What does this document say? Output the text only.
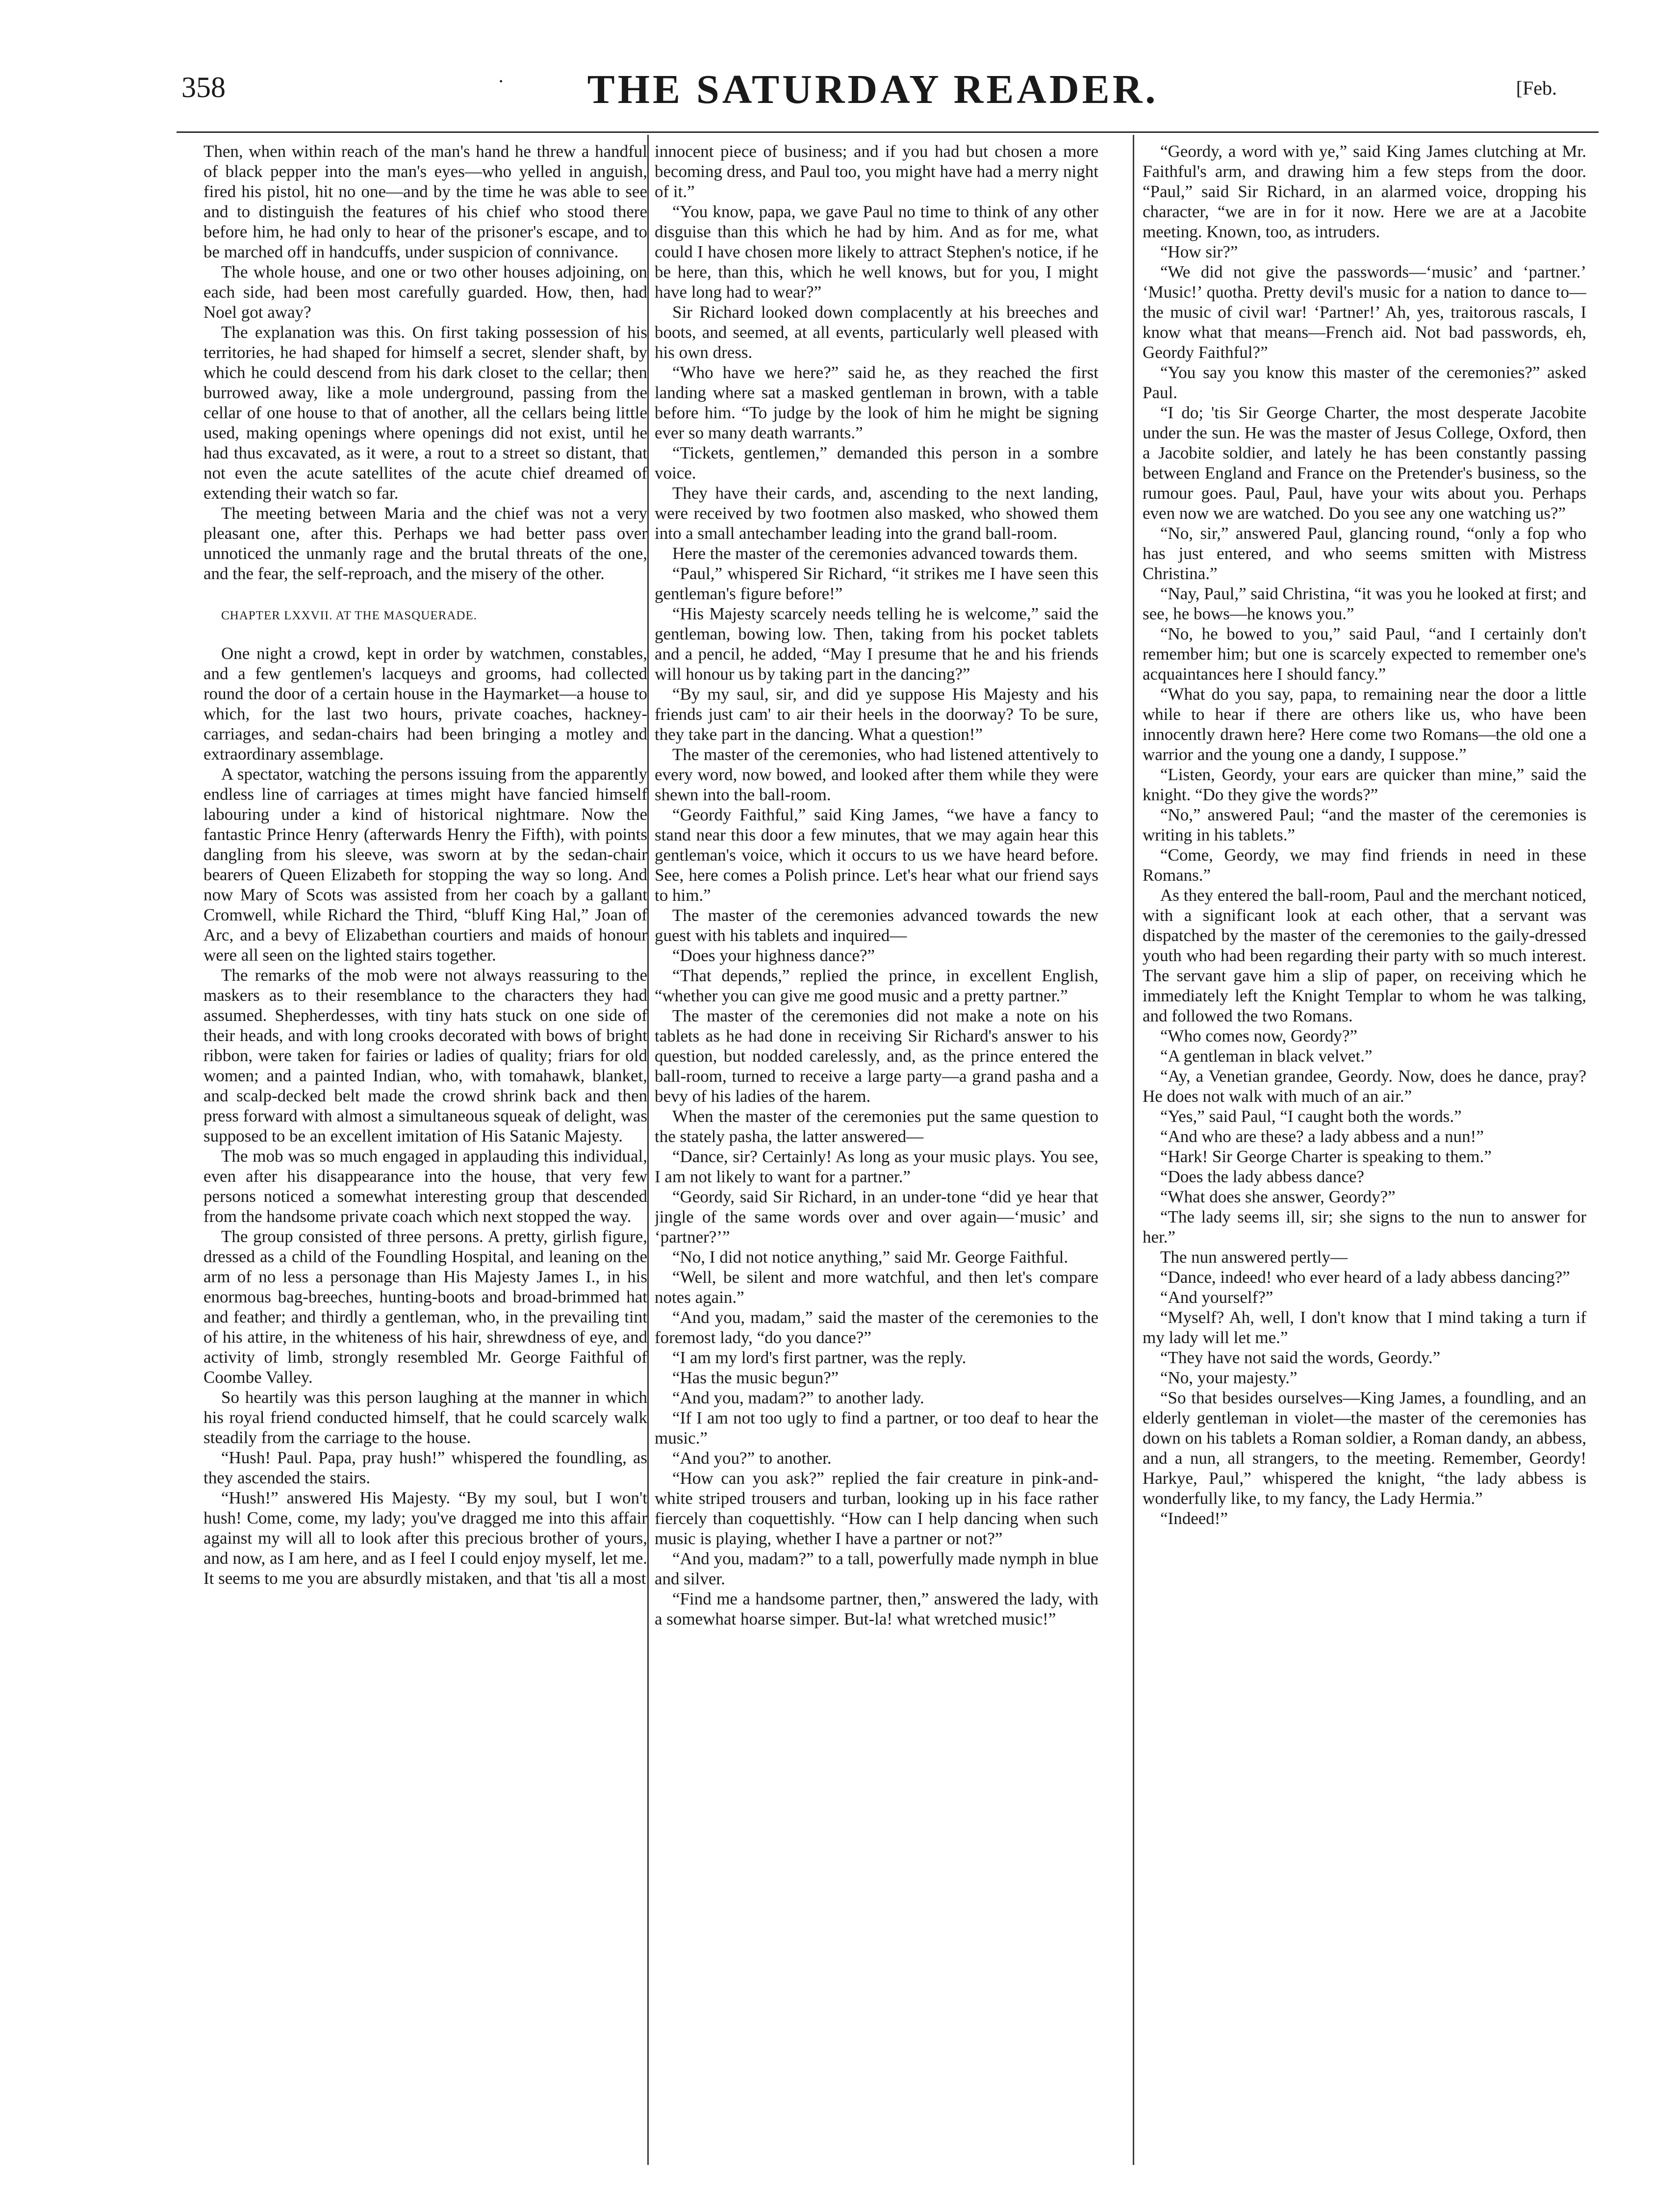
358	·	THE SATURDAY READER.	[Feb.

Then, when within reach of the man's hand he threw a handful of black pepper into the man's eyes—who yelled in anguish, fired his pistol, hit no one—and by the time he was able to see and to distinguish the features of his chief who stood there before him, he had only to hear of the prisoner's escape, and to be marched off in handcuffs, under suspicion of connivance.

The whole house, and one or two other houses adjoining, on each side, had been most carefully guarded. How, then, had Noel got away?

The explanation was this. On first taking possession of his territories, he had shaped for himself a secret, slender shaft, by which he could descend from his dark closet to the cellar; then burrowed away, like a mole underground, passing from the cellar of one house to that of another, all the cellars being little used, making openings where openings did not exist, until he had thus excavated, as it were, a rout to a street so distant, that not even the acute satellites of the acute chief dreamed of extending their watch so far.

The meeting between Maria and the chief was not a very pleasant one, after this. Perhaps we had better pass over unnoticed the unmanly rage and the brutal threats of the one, and the fear, the self-reproach, and the misery of the other.

CHAPTER LXXVII. AT THE MASQUERADE.

One night a crowd, kept in order by watchmen, constables, and a few gentlemen's lacqueys and grooms, had collected round the door of a certain house in the Haymarket—a house to which, for the last two hours, private coaches, hackney-carriages, and sedan-chairs had been bringing a motley and extraordinary assemblage.

A spectator, watching the persons issuing from the apparently endless line of carriages at times might have fancied himself labouring under a kind of historical nightmare. Now the fantastic Prince Henry (afterwards Henry the Fifth), with points dangling from his sleeve, was sworn at by the sedan-chair bearers of Queen Elizabeth for stopping the way so long. And now Mary of Scots was assisted from her coach by a gallant Cromwell, while Richard the Third, “bluff King Hal,” Joan of Arc, and a bevy of Elizabethan courtiers and maids of honour were all seen on the lighted stairs together.

The remarks of the mob were not always reassuring to the maskers as to their resemblance to the characters they had assumed. Shepherdesses, with tiny hats stuck on one side of their heads, and with long crooks decorated with bows of bright ribbon, were taken for fairies or ladies of quality; friars for old women; and a painted Indian, who, with tomahawk, blanket, and scalp-decked belt made the crowd shrink back and then press forward with almost a simultaneous squeak of delight, was supposed to be an excellent imitation of His Satanic Majesty.

The mob was so much engaged in applauding this individual, even after his disappearance into the house, that very few persons noticed a somewhat interesting group that descended from the handsome private coach which next stopped the way.

The group consisted of three persons. A pretty, girlish figure, dressed as a child of the Foundling Hospital, and leaning on the arm of no less a personage than His Majesty James I., in his enormous bag-breeches, hunting-boots and broad-brimmed hat and feather; and thirdly a gentleman, who, in the prevailing tint of his attire, in the whiteness of his hair, shrewdness of eye, and activity of limb, strongly resembled Mr. George Faithful of Coombe Valley.

So heartily was this person laughing at the manner in which his royal friend conducted himself, that he could scarcely walk steadily from the carriage to the house.

“Hush! Paul. Papa, pray hush!” whispered the foundling, as they ascended the stairs.

“Hush!” answered His Majesty. “By my soul, but I won't hush! Come, come, my lady; you've dragged me into this affair against my will all to look after this precious brother of yours, and now, as I am here, and as I feel I could enjoy myself, let me. It seems to me you are absurdly mistaken, and that 'tis all a most

innocent piece of business; and if you had but chosen a more becoming dress, and Paul too, you might have had a merry night of it.”

“You know, papa, we gave Paul no time to think of any other disguise than this which he had by him. And as for me, what could I have chosen more likely to attract Stephen's notice, if he be here, than this, which he well knows, but for you, I might have long had to wear?”

Sir Richard looked down complacently at his breeches and boots, and seemed, at all events, particularly well pleased with his own dress.

“Who have we here?” said he, as they reached the first landing where sat a masked gentleman in brown, with a table before him. “To judge by the look of him he might be signing ever so many death warrants.”

“Tickets, gentlemen,” demanded this person in a sombre voice.

They have their cards, and, ascending to the next landing, were received by two footmen also masked, who showed them into a small antechamber leading into the grand ball-room.

Here the master of the ceremonies advanced towards them.

“Paul,” whispered Sir Richard, “it strikes me I have seen this gentleman's figure before!”

“His Majesty scarcely needs telling he is welcome,” said the gentleman, bowing low. Then, taking from his pocket tablets and a pencil, he added, “May I presume that he and his friends will honour us by taking part in the dancing?”

“By my saul, sir, and did ye suppose His Majesty and his friends just cam' to air their heels in the doorway? To be sure, they take part in the dancing. What a question!”

The master of the ceremonies, who had listened attentively to every word, now bowed, and looked after them while they were shewn into the ball-room.

“Geordy Faithful,” said King James, “we have a fancy to stand near this door a few minutes, that we may again hear this gentleman's voice, which it occurs to us we have heard before. See, here comes a Polish prince. Let's hear what our friend says to him.”

The master of the ceremonies advanced towards the new guest with his tablets and inquired—

“Does your highness dance?”

“That depends,” replied the prince, in excellent English, “whether you can give me good music and a pretty partner.”

The master of the ceremonies did not make a note on his tablets as he had done in receiving Sir Richard's answer to his question, but nodded carelessly, and, as the prince entered the ball-room, turned to receive a large party—a grand pasha and a bevy of his ladies of the harem.

When the master of the ceremonies put the same question to the stately pasha, the latter answered—

“Dance, sir? Certainly! As long as your music plays. You see, I am not likely to want for a partner.”

“Geordy, said Sir Richard, in an under-tone “did ye hear that jingle of the same words over and over again—‘music’ and ‘partner?’”

“No, I did not notice anything,” said Mr. George Faithful.

“Well, be silent and more watchful, and then let's compare notes again.”

“And you, madam,” said the master of the ceremonies to the foremost lady, “do you dance?”

“I am my lord's first partner, was the reply.

“Has the music begun?”

“And you, madam?” to another lady.

“If I am not too ugly to find a partner, or too deaf to hear the music.”

“And you?” to another.

“How can you ask?” replied the fair creature in pink-and-white striped trousers and turban, looking up in his face rather fiercely than coquettishly. “How can I help dancing when such music is playing, whether I have a partner or not?”

“And you, madam?” to a tall, powerfully made nymph in blue and silver.

“Find me a handsome partner, then,” answered the lady, with a somewhat hoarse simper. But-la! what wretched music!”

“Geordy, a word with ye,” said King James clutching at Mr. Faithful's arm, and drawing him a few steps from the door. “Paul,” said Sir Richard, in an alarmed voice, dropping his character, “we are in for it now. Here we are at a Jacobite meeting. Known, too, as intruders.

“How sir?”

“We did not give the passwords—‘music’ and ‘partner.’ ‘Music!’ quotha. Pretty devil's music for a nation to dance to—the music of civil war! ‘Partner!’ Ah, yes, traitorous rascals, I know what that means—French aid. Not bad passwords, eh, Geordy Faithful?”

“You say you know this master of the ceremonies?” asked Paul.

“I do; 'tis Sir George Charter, the most desperate Jacobite under the sun. He was the master of Jesus College, Oxford, then a Jacobite soldier, and lately he has been constantly passing between England and France on the Pretender's business, so the rumour goes. Paul, Paul, have your wits about you. Perhaps even now we are watched. Do you see any one watching us?”

“No, sir,” answered Paul, glancing round, “only a fop who has just entered, and who seems smitten with Mistress Christina.”

“Nay, Paul,” said Christina, “it was you he looked at first; and see, he bows—he knows you.”

“No, he bowed to you,” said Paul, “and I certainly don't remember him; but one is scarcely expected to remember one's acquaintances here I should fancy.”

“What do you say, papa, to remaining near the door a little while to hear if there are others like us, who have been innocently drawn here? Here come two Romans—the old one a warrior and the young one a dandy, I suppose.”

“Listen, Geordy, your ears are quicker than mine,” said the knight. “Do they give the words?”

“No,” answered Paul; “and the master of the ceremonies is writing in his tablets.”

“Come, Geordy, we may find friends in need in these Romans.”

As they entered the ball-room, Paul and the merchant noticed, with a significant look at each other, that a servant was dispatched by the master of the ceremonies to the gaily-dressed youth who had been regarding their party with so much interest. The servant gave him a slip of paper, on receiving which he immediately left the Knight Templar to whom he was talking, and followed the two Romans.

“Who comes now, Geordy?”

“A gentleman in black velvet.”

“Ay, a Venetian grandee, Geordy. Now, does he dance, pray? He does not walk with much of an air.”

“Yes,” said Paul, “I caught both the words.”

“And who are these? a lady abbess and a nun!”

“Hark! Sir George Charter is speaking to them.”

“Does the lady abbess dance?

“What does she answer, Geordy?”

“The lady seems ill, sir; she signs to the nun to answer for her.”

The nun answered pertly—

“Dance, indeed! who ever heard of a lady abbess dancing?”

“And yourself?”

“Myself? Ah, well, I don't know that I mind taking a turn if my lady will let me.”

“They have not said the words, Geordy.”

“No, your majesty.”

“So that besides ourselves—King James, a foundling, and an elderly gentleman in violet—the master of the ceremonies has down on his tablets a Roman soldier, a Roman dandy, an abbess, and a nun, all strangers, to the meeting. Remember, Geordy! Harkye, Paul,” whispered the knight, “the lady abbess is wonderfully like, to my fancy, the Lady Hermia.”

“Indeed!”
